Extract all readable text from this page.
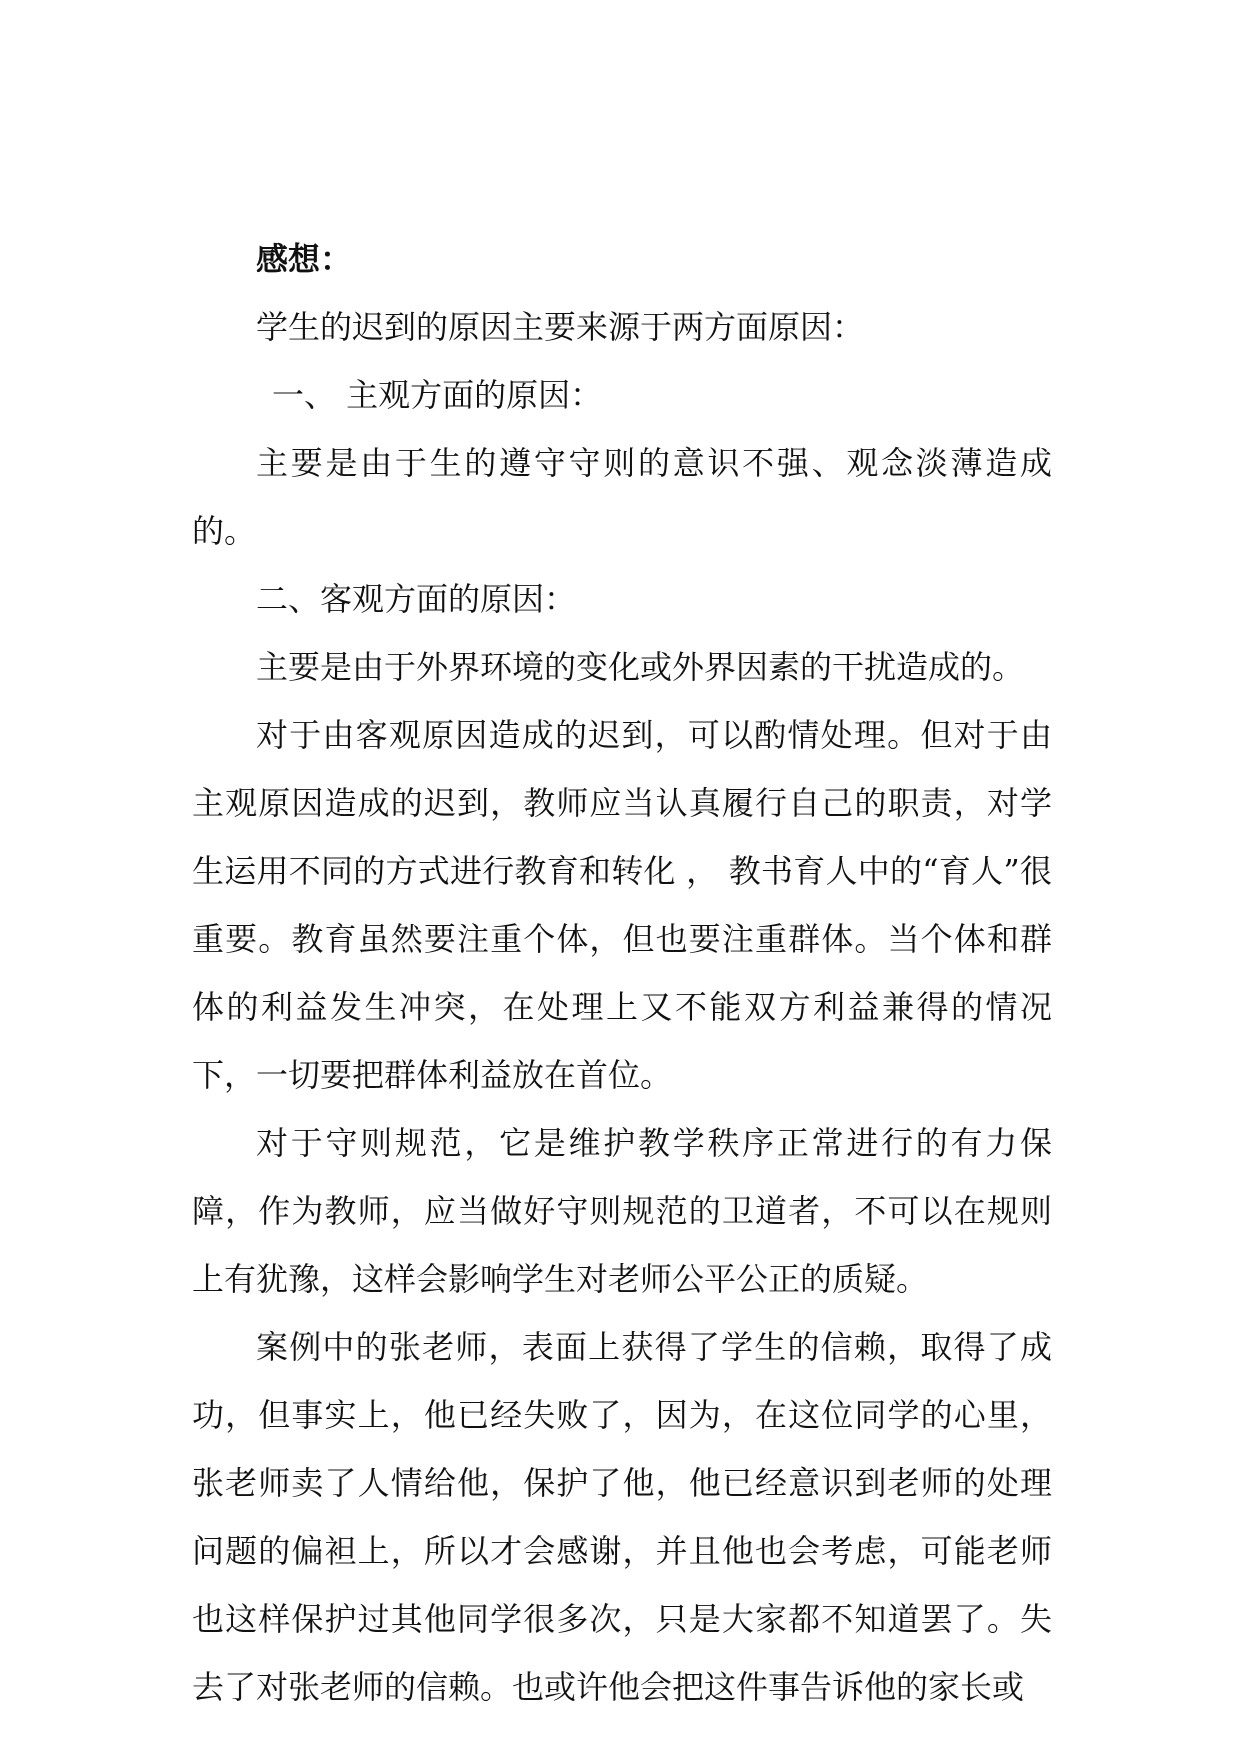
感想：

学生的迟到的原因主要来源于两方面原因：

一、 主观方面的原因：

主要是由于生的遵守守则的意识不强、观念淡薄造成的。

二、客观方面的原因：

主要是由于外界环境的变化或外界因素的干扰造成的。

对于由客观原因造成的迟到，可以酌情处理。但对于由主观原因造成的迟到，教师应当认真履行自己的职责，对学生运用不同的方式进行教育和转化 ， 教书育人中的“育人”很重要。教育虽然要注重个体，但也要注重群体。当个体和群体的利益发生冲突，在处理上又不能双方利益兼得的情况下，一切要把群体利益放在首位。

对于守则规范，它是维护教学秩序正常进行的有力保障，作为教师，应当做好守则规范的卫道者，不可以在规则上有犹豫，这样会影响学生对老师公平公正的质疑。

案例中的张老师，表面上获得了学生的信赖，取得了成功，但事实上，他已经失败了，因为，在这位同学的心里，张老师卖了人情给他，保护了他，他已经意识到老师的处理问题的偏袒上，所以才会感谢，并且他也会考虑，可能老师也这样保护过其他同学很多次，只是大家都不知道罢了。失去了对张老师的信赖。也或许他会把这件事告诉他的家长或
